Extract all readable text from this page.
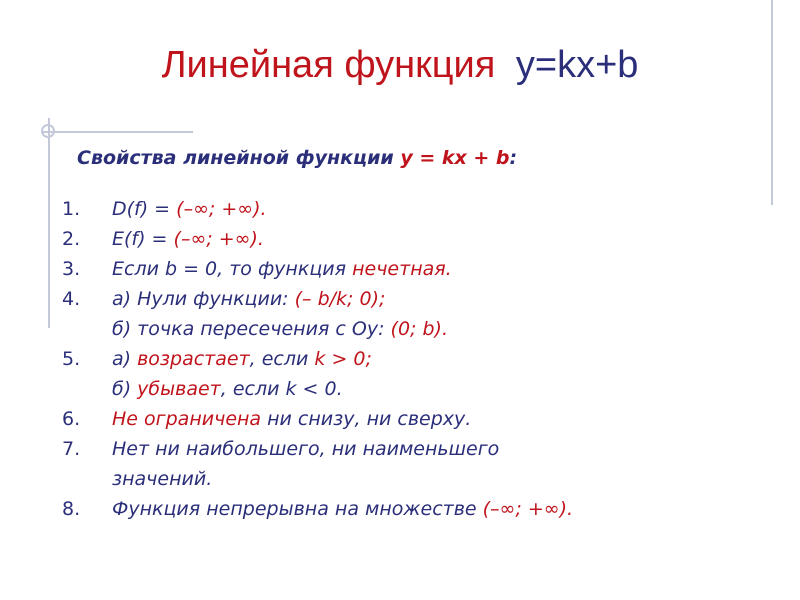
Линейная функция y=kx+b
Свойства линейной функции y = kx + b:
1. D(f) = (–∞; +∞).
2. E(f) = (–∞; +∞).
3. Если b = 0, то функция нечетная.
4. а) Нули функции: (– b/k; 0);
б) точка пересечения с Оу: (0; b).
5. а) возрастает, если k > 0;
б) убывает, если k < 0.
6. Не ограничена ни снизу, ни сверху.
7. Нет ни наибольшего, ни наименьшего
значений.
8. Функция непрерывна на множестве (–∞; +∞).
